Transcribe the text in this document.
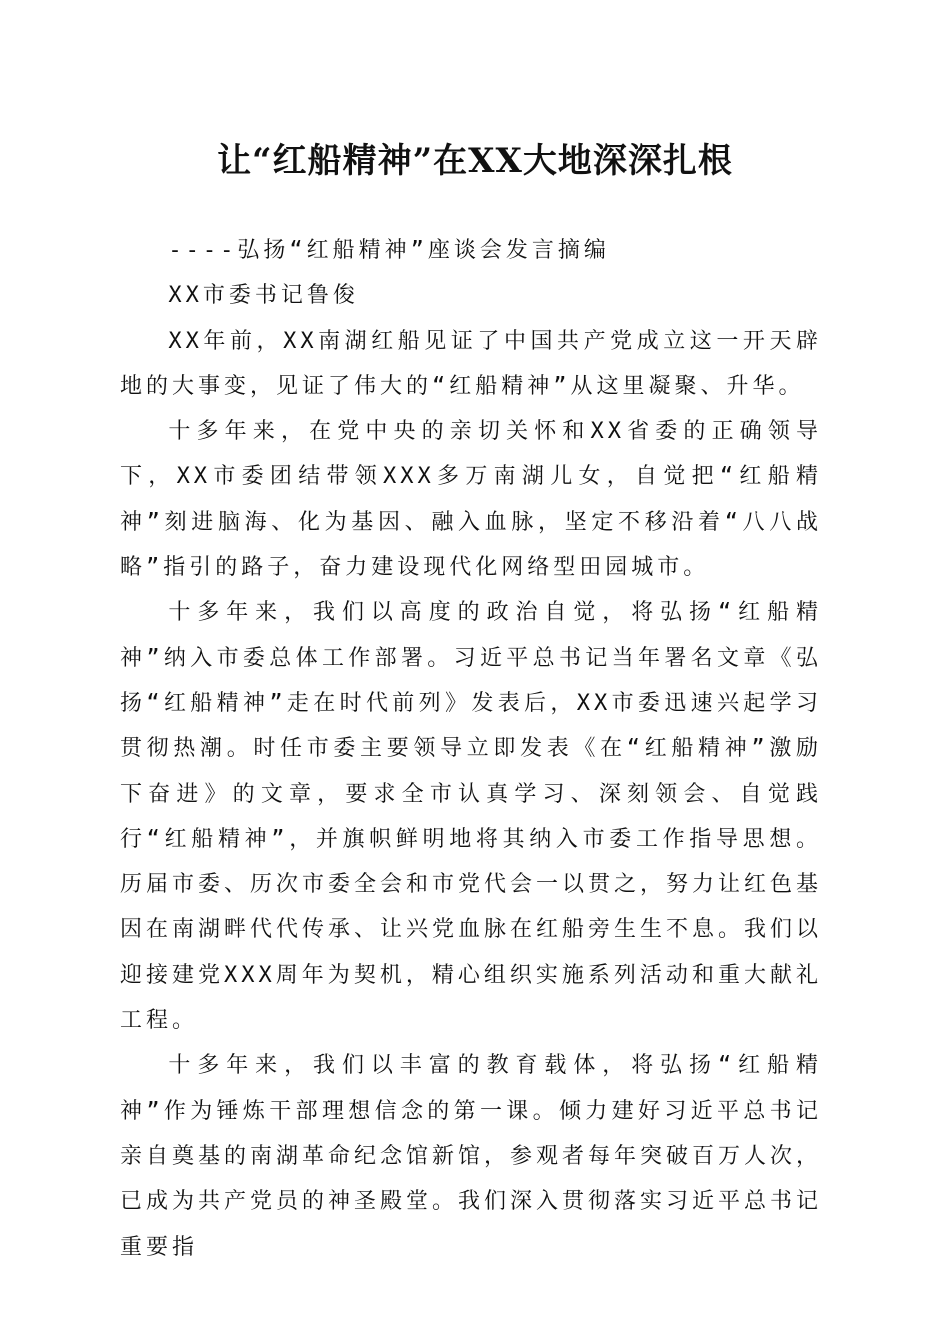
让“红船精神”在XX大地深深扎根

----弘扬“红船精神”座谈会发言摘编

XX市委书记鲁俊

XX年前，XX南湖红船见证了中国共产党成立这一开天辟地的大事变，见证了伟大的“红船精神”从这里凝聚、升华。

十多年来，在党中央的亲切关怀和XX省委的正确领导下，XX市委团结带领XXX多万南湖儿女，自觉把“红船精神”刻进脑海、化为基因、融入血脉，坚定不移沿着“八八战略”指引的路子，奋力建设现代化网络型田园城市。

十多年来，我们以高度的政治自觉，将弘扬“红船精神”纳入市委总体工作部署。习近平总书记当年署名文章《弘扬“红船精神”走在时代前列》发表后，XX市委迅速兴起学习贯彻热潮。时任市委主要领导立即发表《在“红船精神”激励下奋进》的文章，要求全市认真学习、深刻领会、自觉践行“红船精神”，并旗帜鲜明地将其纳入市委工作指导思想。历届市委、历次市委全会和市党代会一以贯之，努力让红色基因在南湖畔代代传承、让兴党血脉在红船旁生生不息。我们以迎接建党XXX周年为契机，精心组织实施系列活动和重大献礼工程。

十多年来，我们以丰富的教育载体，将弘扬“红船精神”作为锤炼干部理想信念的第一课。倾力建好习近平总书记亲自奠基的南湖革命纪念馆新馆，参观者每年突破百万人次，已成为共产党员的神圣殿堂。我们深入贯彻落实习近平总书记重要指
